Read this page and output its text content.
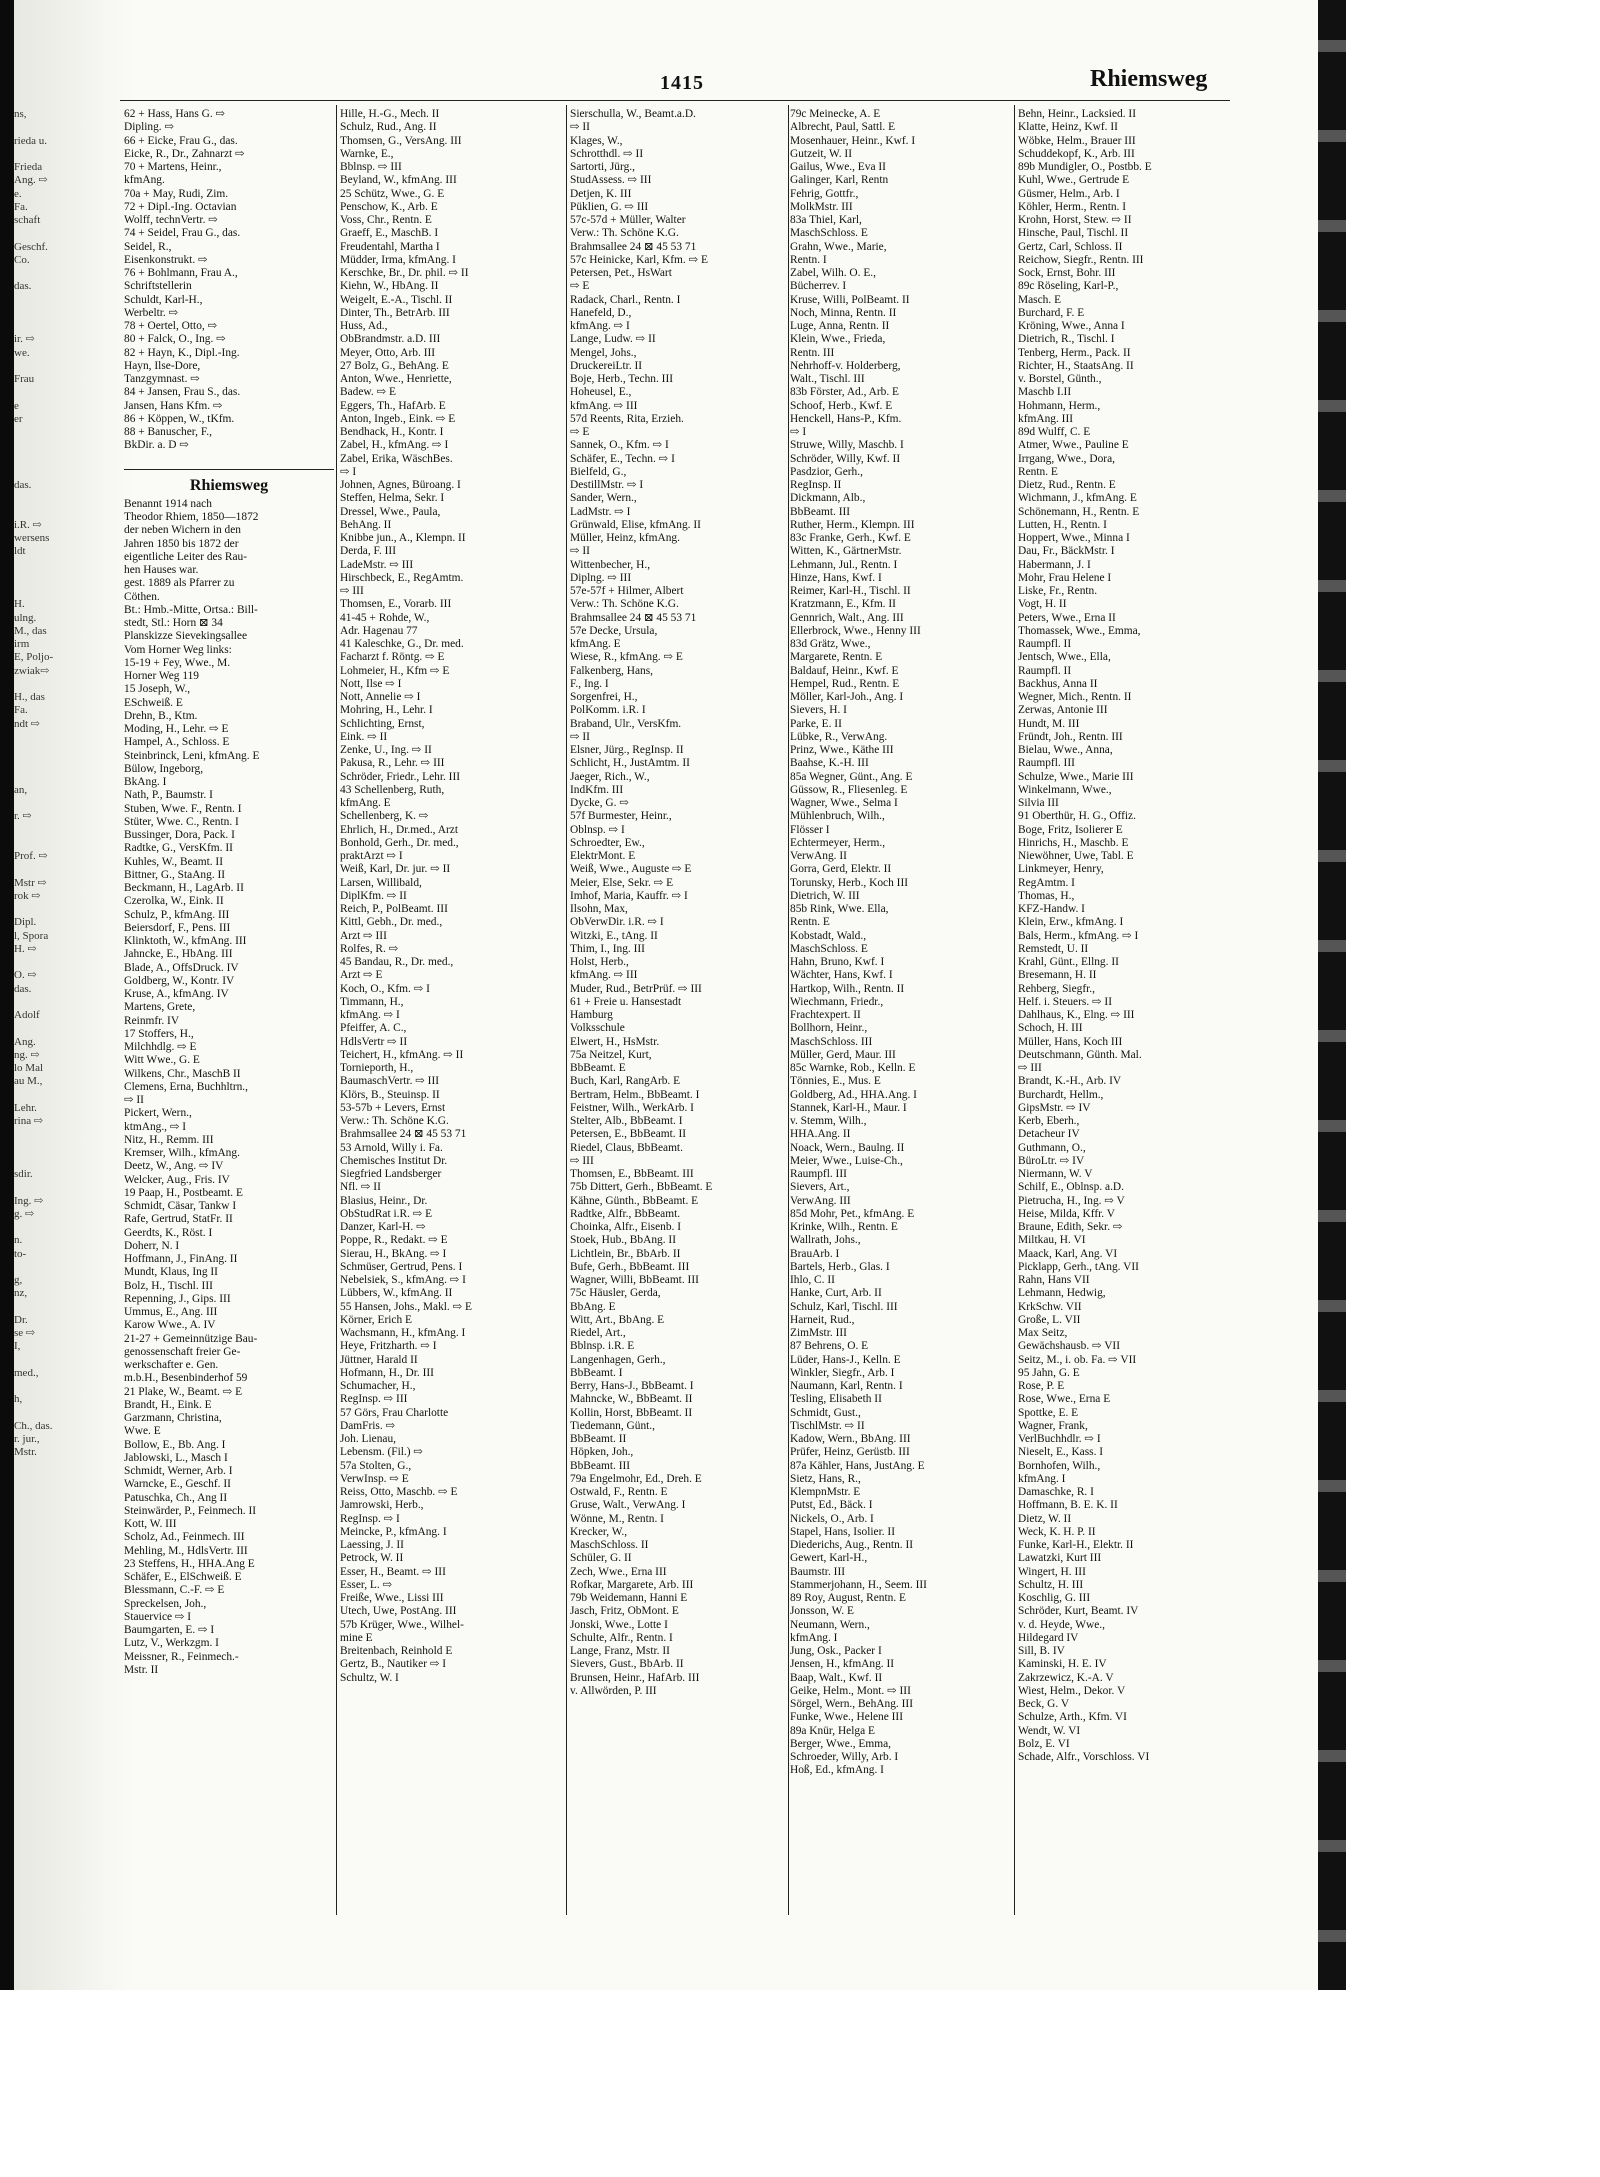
1415	Rhiemsweg
ns,

rieda u.

Frieda
Ang. ⇨
e.
Fa.
schaft

Geschf.
Co.

das.

ir. ⇨
we.

Frau

e
er

das.

i.R. ⇨
wersens
ldt

H.
ulng.
M., das
irm
E, Poljo-
zwiak⇨

H., das
Fa.
ndt ⇨

an,

r. ⇨

Prof. ⇨

Mstr ⇨
rok ⇨

Dipl.
l, Spora
H. ⇨

O. ⇨
das.

Adolf

Ang.
ng. ⇨
lo Mal
au M.,

Lehr.
rina ⇨

sdir.

Ing. ⇨
g. ⇨

n.
to-

g,
nz,

Dr.
se ⇨
I,

med.,

h,

Ch., das.
r. jur.,
Mstr.
62 + Hass, Hans G. ⇨
Dipling. ⇨
66 + Eicke, Frau G., das.
Eicke, R., Dr., Zahnarzt ⇨
70 + Martens, Heinr.,
kfmAng.
70a + May, Rudi, Zim.
72 + Dipl.-Ing. Octavian
Wolff, technVertr. ⇨
74 + Seidel, Frau G., das.
Seidel, R.,
Eisenkonstrukt. ⇨
76 + Bohlmann, Frau A.,
Schriftstellerin
Schuldt, Karl-H.,
Werbeltr. ⇨
78 + Oertel, Otto, ⇨
80 + Falck, O., Ing. ⇨
82 + Hayn, K., Dipl.-Ing.
Hayn, Ilse-Dore,
Tanzgymnast. ⇨
84 + Jansen, Frau S., das.
Jansen, Hans Kfm. ⇨
86 + Köppen, W., tKfm.
88 + Banuscher, F.,
BkDir. a. D ⇨

Rhiemsweg
Benannt 1914 nach
Theodor Rhiem, 1850—1872
der neben Wichern in den
Jahren 1850 bis 1872 der
eigentliche Leiter des Rau-
hen Hauses war.
gest. 1889 als Pfarrer zu
Cöthen.
Bt.: Hmb.-Mitte, Ortsa.: Bill-
stedt, Stl.: Horn ⊠ 34
Planskizze Sievekingsallee
Vom Horner Weg links:
15-19 + Fey, Wwe., M.
Horner Weg 119
15 Joseph, W.,
ESchweiß. E
Drehn, B., Ktm.
Moding, H., Lehr. ⇨ E
Hampel, A., Schloss. E
Steinbrinck, Leni, kfmAng. E
Bülow, Ingeborg,
BkAng. I
Nath, P., Baumstr. I
Stuben, Wwe. F., Rentn. I
Stüter, Wwe. C., Rentn. I
Bussinger, Dora, Pack. I
Radtke, G., VersKfm. II
Kuhles, W., Beamt. II
Bittner, G., StaAng. II
Beckmann, H., LagArb. II
Czerolka, W., Eink. II
Schulz, P., kfmAng. III
Beiersdorf, F., Pens. III
Klinktoth, W., kfmAng. III
Jahncke, E., HbAng. III
Blade, A., OffsDruck. IV
Goldberg, W., Kontr. IV
Kruse, A., kfmAng. IV
Martens, Grete,
Reinmfr. IV
17 Stoffers, H.,
Milchhdlg. ⇨ E
Witt Wwe., G. E
Wilkens, Chr., MaschB II
Clemens, Erna, Buchhltrn.,
⇨ II
Pickert, Wern.,
ktmAng., ⇨ I
Nitz, H., Remm. III
Kremser, Wilh., kfmAng.
Deetz, W., Ang. ⇨ IV
Welcker, Aug., Fris. IV
19 Paap, H., Postbeamt. E
Schmidt, Cäsar, Tankw I
Rafe, Gertrud, StatFr. II
Geerdts, K., Röst. I
Doherr, N. I
Hoffmann, J., FinAng. II
Mundt, Klaus, Ing II
Bolz, H., Tischl. III
Repenning, J., Gips. III
Ummus, E., Ang. III
Karow Wwe., A. IV
21-27 + Gemeinnützige Bau-
genossenschaft freier Ge-
werkschafter e. Gen.
m.b.H., Besenbinderhof 59
21 Plake, W., Beamt. ⇨ E
Brandt, H., Eink. E
Garzmann, Christina,
Wwe. E
Bollow, E., Bb. Ang. I
Jablowski, L., Masch I
Schmidt, Werner, Arb. I
Warncke, E., Geschf. II
Patuschka, Ch., Ang II
Steinwärder, P., Feinmech. II
Kott, W. III
Scholz, Ad., Feinmech. III
Mehling, M., HdlsVertr. III
23 Steffens, H., HHA.Ang E
Schäfer, E., ElSchweiß. E
Blessmann, C.-F. ⇨ E
Spreckelsen, Joh.,
Stauervice ⇨ I
Baumgarten, E. ⇨ I
Lutz, V., Werkzgm. I
Meissner, R., Feinmech.-
Mstr. II
Hille, H.-G., Mech. II
Schulz, Rud., Ang. II
Thomsen, G., VersAng. III
Warnke, E.,
Bblnsp. ⇨ III
Beyland, W., kfmAng. III
25 Schütz, Wwe., G. E
Penschow, K., Arb. E
Voss, Chr., Rentn. E
Graeff, E., MaschB. I
Freudentahl, Martha I
Müdder, Irma, kfmAng. I
Kerschke, Br., Dr. phil. ⇨ II
Kiehn, W., HbAng. II
Weigelt, E.-A., Tischl. II
Dinter, Th., BetrArb. III
Huss, Ad.,
ObBrandmstr. a.D. III
Meyer, Otto, Arb. III
27 Bolz, G., BehAng. E
Anton, Wwe., Henriette,
Badew. ⇨ E
Eggers, Th., HafArb. E
Anton, Ingeb., Eink. ⇨ E
Bendhack, H., Kontr. I
Zabel, H., kfmAng. ⇨ I
Zabel, Erika, WäschBes.
⇨ I
Johnen, Agnes, Büroang. I
Steffen, Helma, Sekr. I
Dressel, Wwe., Paula,
BehAng. II
Knibbe jun., A., Klempn. II
Derda, F. III
LadeMstr. ⇨ III
Hirschbeck, E., RegAmtm.
⇨ III
Thomsen, E., Vorarb. III
41-45 + Rohde, W.,
Adr. Hagenau 77
41 Kaleschke, G., Dr. med.
Facharzt f. Röntg. ⇨ E
Lohmeier, H., Kfm ⇨ E
Nott, Ilse ⇨ I
Nott, Annelie ⇨ I
Mohring, H., Lehr. I
Schlichting, Ernst,
Eink. ⇨ II
Zenke, U., Ing. ⇨ II
Pakusa, R., Lehr. ⇨ III
Schröder, Friedr., Lehr. III
43 Schellenberg, Ruth,
kfmAng. E
Schellenberg, K. ⇨
Ehrlich, H., Dr.med., Arzt
Bonhold, Gerh., Dr. med.,
praktArzt ⇨ I
Weiß, Karl, Dr. jur. ⇨ II
Larsen, Willibald,
DiplKfm. ⇨ II
Reich, P., PolBeamt. III
Kittl, Gebh., Dr. med.,
Arzt ⇨ III
Rolfes, R. ⇨
45 Bandau, R., Dr. med.,
Arzt ⇨ E
Koch, O., Kfm. ⇨ I
Timmann, H.,
kfmAng. ⇨ I
Pfeiffer, A. C.,
HdlsVertr ⇨ II
Teichert, H., kfmAng. ⇨ II
Tornieporth, H.,
BaumaschVertr. ⇨ III
Klörs, B., Steuinsp. II
53-57b + Levers, Ernst
Verw.: Th. Schöne K.G.
Brahmsallee 24 ⊠ 45 53 71
53 Arnold, Willy i. Fa.
Chemisches Institut Dr.
Siegfried Landsberger
Nfl. ⇨ II
Blasius, Heinr., Dr.
ObStudRat i.R. ⇨ E
Danzer, Karl-H. ⇨
Poppe, R., Redakt. ⇨ E
Sierau, H., BkAng. ⇨ I
Schmüser, Gertrud, Pens. I
Nebelsiek, S., kfmAng. ⇨ I
Lübbers, W., kfmAng. II
55 Hansen, Johs., Makl. ⇨ E
Körner, Erich E
Wachsmann, H., kfmAng. I
Heye, Fritzharth. ⇨ I
Jüttner, Harald II
Hofmann, H., Dr. III
Schumacher, H.,
RegInsp. ⇨ III
57 Görs, Frau Charlotte
DamFris. ⇨
Joh. Lienau,
Lebensm. (Fil.) ⇨
57a Stolten, G.,
VerwInsp. ⇨ E
Reiss, Otto, Maschb. ⇨ E
Jamrowski, Herb.,
RegInsp. ⇨ I
Meincke, P., kfmAng. I
Laessing, J. II
Petrock, W. II
Esser, H., Beamt. ⇨ III
Esser, L. ⇨
Freiße, Wwe., Lissi III
Utech, Uwe, PostAng. III
57b Krüger, Wwe., Wilhel-
mine E
Breitenbach, Reinhold E
Gertz, B., Nautiker ⇨ I
Schultz, W. I
Sierschulla, W., Beamt.a.D.
⇨ II
Klages, W.,
Schrotthdl. ⇨ II
Sartorti, Jürg.,
StudAssess. ⇨ III
Detjen, K. III
Püklien, G. ⇨ III
57c-57d + Müller, Walter
Verw.: Th. Schöne K.G.
Brahmsallee 24 ⊠ 45 53 71
57c Heinicke, Karl, Kfm. ⇨ E
Petersen, Pet., HsWart
⇨ E
Radack, Charl., Rentn. I
Hanefeld, D.,
kfmAng. ⇨ I
Lange, Ludw. ⇨ II
Mengel, Johs.,
DruckereiLtr. II
Boje, Herb., Techn. III
Hoheusel, E.,
kfmAng. ⇨ III
57d Reents, Rita, Erzieh.
⇨ E
Sannek, O., Kfm. ⇨ I
Schäfer, E., Techn. ⇨ I
Bielfeld, G.,
DestillMstr. ⇨ I
Sander, Wern.,
LadMstr. ⇨ I
Grünwald, Elise, kfmAng. II
Müller, Heinz, kfmAng.
⇨ II
Wittenbecher, H.,
Diplng. ⇨ III
57e-57f + Hilmer, Albert
Verw.: Th. Schöne K.G.
Brahmsallee 24 ⊠ 45 53 71
57e Decke, Ursula,
kfmAng. E
Wiese, R., kfmAng. ⇨ E
Falkenberg, Hans,
F., Ing. I
Sorgenfrei, H.,
PolKomm. i.R. I
Braband, Ulr., VersKfm.
⇨ II
Elsner, Jürg., RegInsp. II
Schlicht, H., JustAmtm. II
Jaeger, Rich., W.,
IndKfm. III
Dycke, G. ⇨
57f Burmester, Heinr.,
Oblnsp. ⇨ I
Schroedter, Ew.,
ElektrMont. E
Weiß, Wwe., Auguste ⇨ E
Meier, Else, Sekr. ⇨ E
Imhof, Maria, Kauffr. ⇨ I
Ilsohn, Max,
ObVerwDir. i.R. ⇨ I
Witzki, E., tAng. II
Thim, I., Ing. III
Holst, Herb.,
kfmAng. ⇨ III
Muder, Rud., BetrPrüf. ⇨ III
61 + Freie u. Hansestadt
Hamburg
Volksschule
Elwert, H., HsMstr.
75a Neitzel, Kurt,
BbBeamt. E
Buch, Karl, RangArb. E
Bertram, Helm., BbBeamt. I
Feistner, Wilh., WerkArb. I
Stelter, Alb., BbBeamt. I
Petersen, E., BbBeamt. II
Riedel, Claus, BbBeamt.
⇨ III
Thomsen, E., BbBeamt. III
75b Dittert, Gerh., BbBeamt. E
Kähne, Günth., BbBeamt. E
Radtke, Alfr., BbBeamt.
Choinka, Alfr., Eisenb. I
Stoek, Hub., BbAng. II
Lichtlein, Br., BbArb. II
Bufe, Gerh., BbBeamt. III
Wagner, Willi, BbBeamt. III
75c Häusler, Gerda,
BbAng. E
Witt, Art., BbAng. E
Riedel, Art.,
Bblnsp. i.R. E
Langenhagen, Gerh.,
BbBeamt. I
Berry, Hans-J., BbBeamt. I
Mahncke, W., BbBeamt. II
Kollin, Horst, BbBeamt. II
Tiedemann, Günt.,
BbBeamt. II
Höpken, Joh.,
BbBeamt. III
79a Engelmohr, Ed., Dreh. E
Ostwald, F., Rentn. E
Gruse, Walt., VerwAng. I
Wönne, M., Rentn. I
Krecker, W.,
MaschSchloss. II
Schüler, G. II
Zech, Wwe., Erna III
Rofkar, Margarete, Arb. III
79b Weidemann, Hanni E
Jasch, Fritz, ObMont. E
Jonski, Wwe., Lotte I
Schulte, Alfr., Rentn. I
Lange, Franz, Mstr. II
Sievers, Gust., BbArb. II
Brunsen, Heinr., HafArb. III
v. Allwörden, P. III
79c Meinecke, A. E
Albrecht, Paul, Sattl. E
Mosenhauer, Heinr., Kwf. I
Gutzeit, W. II
Gailus, Wwe., Eva II
Galinger, Karl, Rentn
Fehrig, Gottfr.,
MolkMstr. III
83a Thiel, Karl,
MaschSchloss. E
Grahn, Wwe., Marie,
Rentn. I
Zabel, Wilh. O. E.,
Bücherrev. I
Kruse, Willi, PolBeamt. II
Noch, Minna, Rentn. II
Luge, Anna, Rentn. II
Klein, Wwe., Frieda,
Rentn. III
Nehrhoff-v. Holderberg,
Walt., Tischl. III
83b Förster, Ad., Arb. E
Schoof, Herb., Kwf. E
Henckell, Hans-P., Kfm.
⇨ I
Struwe, Willy, Maschb. I
Schröder, Willy, Kwf. II
Pasdzior, Gerh.,
RegInsp. II
Dickmann, Alb.,
BbBeamt. III
Ruther, Herm., Klempn. III
83c Franke, Gerh., Kwf. E
Witten, K., GärtnerMstr.
Lehmann, Jul., Rentn. I
Hinze, Hans, Kwf. I
Reimer, Karl-H., Tischl. II
Kratzmann, E., Kfm. II
Gennrich, Walt., Ang. III
Ellerbrock, Wwe., Henny III
83d Grätz, Wwe.,
Margarete, Rentn. E
Baldauf, Heinr., Kwf. E
Hempel, Rud., Rentn. E
Möller, Karl-Joh., Ang. I
Sievers, H. I
Parke, E. II
Lübke, R., VerwAng.
Prinz, Wwe., Käthe III
Baahse, K.-H. III
85a Wegner, Günt., Ang. E
Güssow, R., Fliesenleg. E
Wagner, Wwe., Selma I
Mühlenbruch, Wilh.,
Flösser I
Echtermeyer, Herm.,
VerwAng. II
Gorra, Gerd, Elektr. II
Torunsky, Herb., Koch III
Dietrich, W. III
85b Rink, Wwe. Ella,
Rentn. E
Kobstadt, Wald.,
MaschSchloss. E
Hahn, Bruno, Kwf. I
Wächter, Hans, Kwf. I
Hartkop, Wilh., Rentn. II
Wiechmann, Friedr.,
Frachtexpert. II
Bollhorn, Heinr.,
MaschSchloss. III
Müller, Gerd, Maur. III
85c Warnke, Rob., Kelln. E
Tönnies, E., Mus. E
Goldberg, Ad., HHA.Ang. I
Stannek, Karl-H., Maur. I
v. Stemm, Wilh.,
HHA.Ang. II
Noack, Wern., Baulng. II
Meier, Wwe., Luise-Ch.,
Raumpfl. III
Sievers, Art.,
VerwAng. III
85d Mohr, Pet., kfmAng. E
Krinke, Wilh., Rentn. E
Wallrath, Johs.,
BrauArb. I
Bartels, Herb., Glas. I
Ihlo, C. II
Hanke, Curt, Arb. II
Schulz, Karl, Tischl. III
Harneit, Rud.,
ZimMstr. III
87 Behrens, O. E
Lüder, Hans-J., Kelln. E
Winkler, Siegfr., Arb. I
Naumann, Karl, Rentn. I
Tesling, Elisabeth II
Schmidt, Gust.,
TischlMstr. ⇨ II
Kadow, Wern., BbAng. III
Prüfer, Heinz, Gerüstb. III
87a Kähler, Hans, JustAng. E
Sietz, Hans, R.,
KlempnMstr. E
Putst, Ed., Bäck. I
Nickels, O., Arb. I
Stapel, Hans, Isolier. II
Diederichs, Aug., Rentn. II
Gewert, Karl-H.,
Baumstr. III
Stammerjohann, H., Seem. III
89 Roy, August, Rentn. E
Jonsson, W. E
Neumann, Wern.,
kfmAng. I
Jung, Osk., Packer I
Jensen, H., kfmAng. II
Baap, Walt., Kwf. II
Geike, Helm., Mont. ⇨ III
Sörgel, Wern., BehAng. III
Funke, Wwe., Helene III
89a Knür, Helga E
Berger, Wwe., Emma,
Schroeder, Willy, Arb. I
Hoß, Ed., kfmAng. I
Behn, Heinr., Lacksied. II
Klatte, Heinz, Kwf. II
Wöbke, Helm., Brauer III
Schuddekopf, K., Arb. III
89b Mundigler, O., Postbb. E
Kuhl, Wwe., Gertrude E
Güsmer, Helm., Arb. I
Köhler, Herm., Rentn. I
Krohn, Horst, Stew. ⇨ II
Hinsche, Paul, Tischl. II
Gertz, Carl, Schloss. II
Reichow, Siegfr., Rentn. III
Sock, Ernst, Bohr. III
89c Röseling, Karl-P.,
Masch. E
Burchard, F. E
Kröning, Wwe., Anna I
Dietrich, R., Tischl. I
Tenberg, Herm., Pack. II
Richter, H., StaatsAng. II
v. Borstel, Günth.,
Maschb I.II
Hohmann, Herm.,
kfmAng. III
89d Wulff, C. E
Atmer, Wwe., Pauline E
Irrgang, Wwe., Dora,
Rentn. E
Dietz, Rud., Rentn. E
Wichmann, J., kfmAng. E
Schönemann, H., Rentn. E
Lutten, H., Rentn. I
Hoppert, Wwe., Minna I
Dau, Fr., BäckMstr. I
Habermann, J. I
Mohr, Frau Helene I
Liske, Fr., Rentn.
Vogt, H. II
Peters, Wwe., Erna II
Thomassek, Wwe., Emma,
Raumpfl. II
Jentsch, Wwe., Ella,
Raumpfl. II
Backhus, Anna II
Wegner, Mich., Rentn. II
Zerwas, Antonie III
Hundt, M. III
Fründt, Joh., Rentn. III
Bielau, Wwe., Anna,
Raumpfl. III
Schulze, Wwe., Marie III
Winkelmann, Wwe.,
Silvia III
91 Oberthür, H. G., Offiz.
Boge, Fritz, Isolierer E
Hinrichs, H., Maschb. E
Niewöhner, Uwe, Tabl. E
Linkmeyer, Henry,
RegAmtm. I
Thomas, H.,
KFZ-Handw. I
Klein, Erw., kfmAng. I
Bals, Herm., kfmAng. ⇨ I
Remstedt, U. II
Krahl, Günt., Ellng. II
Bresemann, H. II
Rehberg, Siegfr.,
Helf. i. Steuers. ⇨ II
Dahlhaus, K., Elng. ⇨ III
Schoch, H. III
Müller, Hans, Koch III
Deutschmann, Günth. Mal.
⇨ III
Brandt, K.-H., Arb. IV
Burchardt, Hellm.,
GipsMstr. ⇨ IV
Kerb, Eberh.,
Detacheur IV
Guthmann, O.,
BüroLtr. ⇨ IV
Niermann, W. V
Schilf, E., Oblnsp. a.D.
Pietrucha, H., Ing. ⇨ V
Heise, Milda, Kffr. V
Braune, Edith, Sekr. ⇨
Miltkau, H. VI
Maack, Karl, Ang. VI
Picklapp, Gerh., tAng. VII
Rahn, Hans VII
Lehmann, Hedwig,
KrkSchw. VII
Große, L. VII
Max Seitz,
Gewächshausb. ⇨ VII
Seitz, M., i. ob. Fa. ⇨ VII
95 Jahn, G. E
Rose, P. E
Rose, Wwe., Erna E
Spottke, E. E
Wagner, Frank,
VerlBuchhdlr. ⇨ I
Nieselt, E., Kass. I
Bornhofen, Wilh.,
kfmAng. I
Damaschke, R. I
Hoffmann, B. E. K. II
Dietz, W. II
Weck, K. H. P. II
Funke, Karl-H., Elektr. II
Lawatzki, Kurt III
Wingert, H. III
Schultz, H. III
Koschlig, G. III
Schröder, Kurt, Beamt. IV
v. d. Heyde, Wwe.,
Hildegard IV
Sill, B. IV
Kaminski, H. E. IV
Zakrzewicz, K.-A. V
Wiest, Helm., Dekor. V
Beck, G. V
Schulze, Arth., Kfm. VI
Wendt, W. VI
Bolz, E. VI
Schade, Alfr., Vorschloss. VI
